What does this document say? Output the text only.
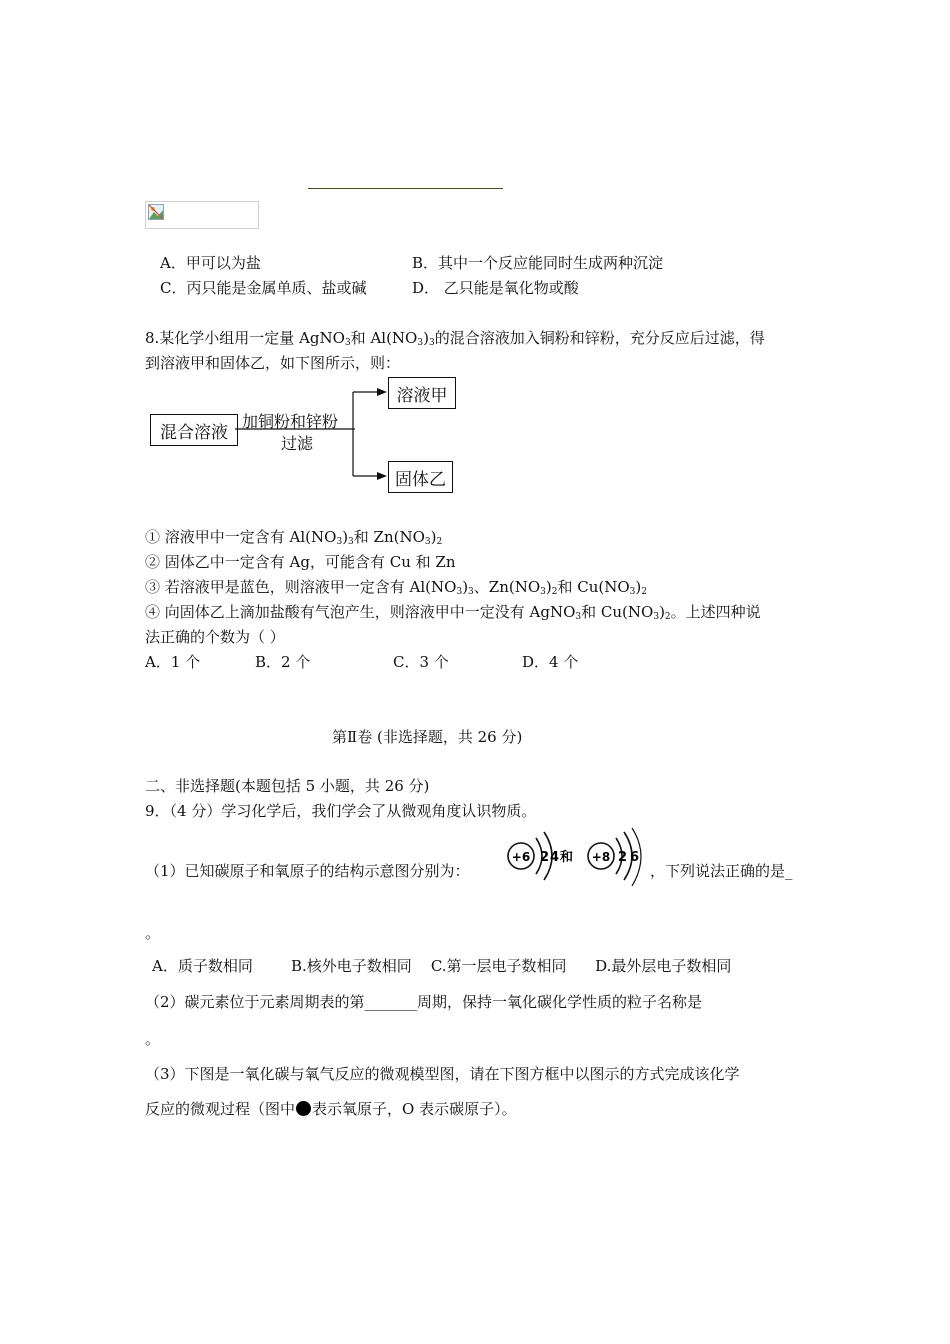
A．甲可以为盐	B．其中一个反应能同时生成两种沉淀
C．丙只能是金属单质、盐或碱	D． 乙只能是氧化物或酸
8.某化学小组用一定量 AgNO$_3$和 $Al(NO_3)_3$的混合溶液加入铜粉和锌粉，充分反应后过滤，得
到溶液甲和固体乙，如下图所示，则：
混合溶液
加铜粉和锌粉
过滤
溶液甲
固体乙
① 溶液甲中一定含有 $Al(NO_3)_3$和 $Zn(NO_3)_2$
② 固体乙中一定含有 Ag，可能含有 Cu 和 Zn
③ 若溶液甲是蓝色，则溶液甲一定含有 $Al(NO_3)_3$、$Zn(NO_3)_2$和 $Cu(NO_3)_2$
④ 向固体乙上滴加盐酸有气泡产生，则溶液甲中一定没有 AgNO$_3$和 $Cu(NO_3)_2$。上述四种说
法正确的个数为（ ）
A．1 个	B．2 个	C．3 个	D．4 个
第Ⅱ卷 (非选择题，共 26 分)
二、非选择题(本题包括 5 小题，共 26 分)
9．（4 分）学习化学后，我们学会了从微观角度认识物质。
（1）已知碳原子和氧原子的结构示意图分别为：
+6 2 4 和 +8 2 6
，下列说法正确的是_
。
A．质子数相同        B.核外电子数相同    C.第一层电子数相同      D.最外层电子数相同
（2）碳元素位于元素周期表的第_______周期，保持一氧化碳化学性质的粒子名称是
。
（3）下图是一氧化碳与氧气反应的微观模型图，请在下图方框中以图示的方式完成该化学
反应的微观过程（图中 表示氧原子，O 表示碳原子）。
